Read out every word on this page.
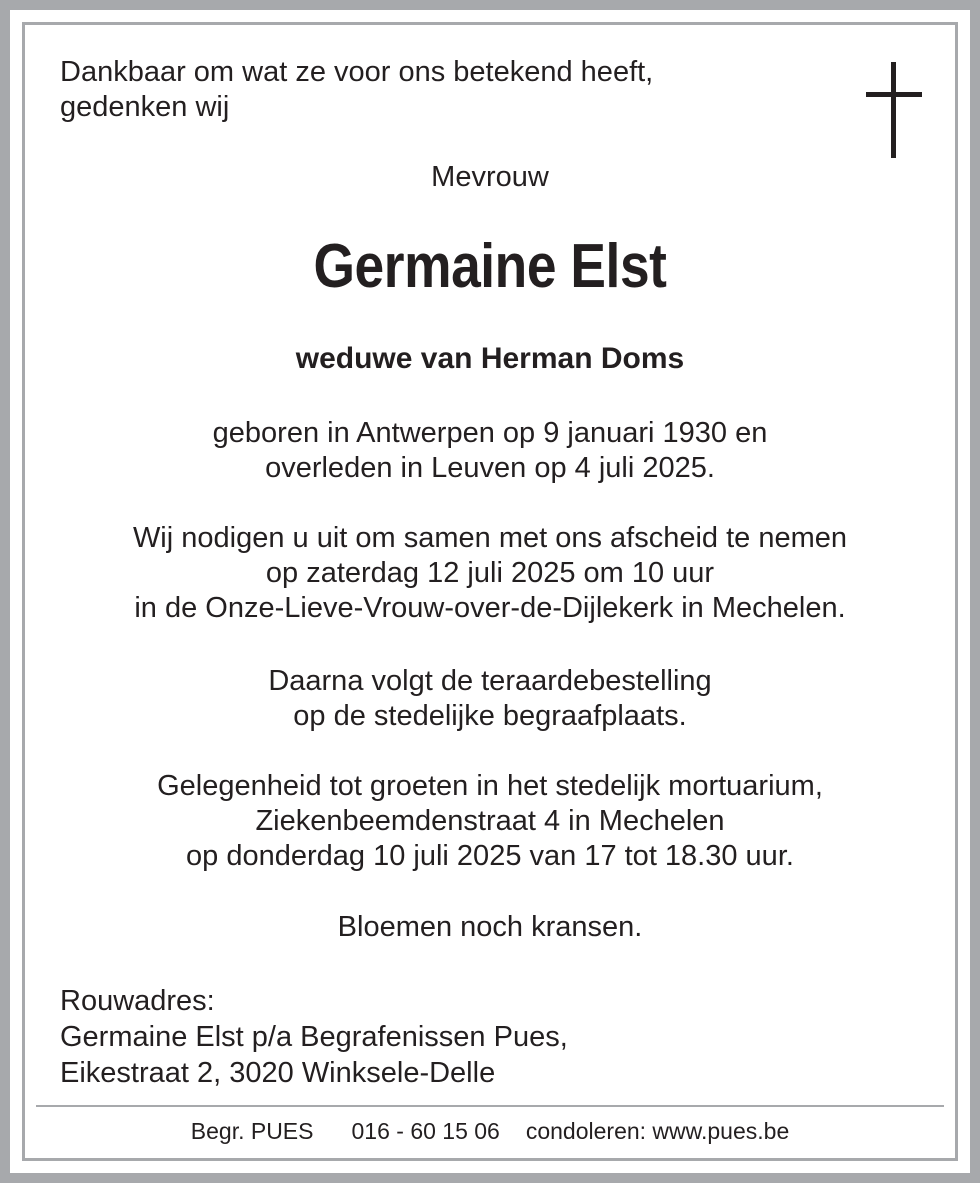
Dankbaar om wat ze voor ons betekend heeft,
gedenken wij
Mevrouw
Germaine Elst
weduwe van Herman Doms
geboren in Antwerpen op 9 januari 1930 en
overleden in Leuven op 4 juli 2025.
Wij nodigen u uit om samen met ons afscheid te nemen
op zaterdag 12 juli 2025 om 10 uur
in de Onze-Lieve-Vrouw-over-de-Dijlekerk in Mechelen.
Daarna volgt de teraardebestelling
op de stedelijke begraafplaats.
Gelegenheid tot groeten in het stedelijk mortuarium,
Ziekenbeemdenstraat 4 in Mechelen
op donderdag 10 juli 2025 van 17 tot 18.30 uur.
Bloemen noch kransen.
Rouwadres:
Germaine Elst p/a Begrafenissen Pues,
Eikestraat 2, 3020 Winksele-Delle
Begr. PUES 016 - 60 15 06 condoleren: www.pues.be
